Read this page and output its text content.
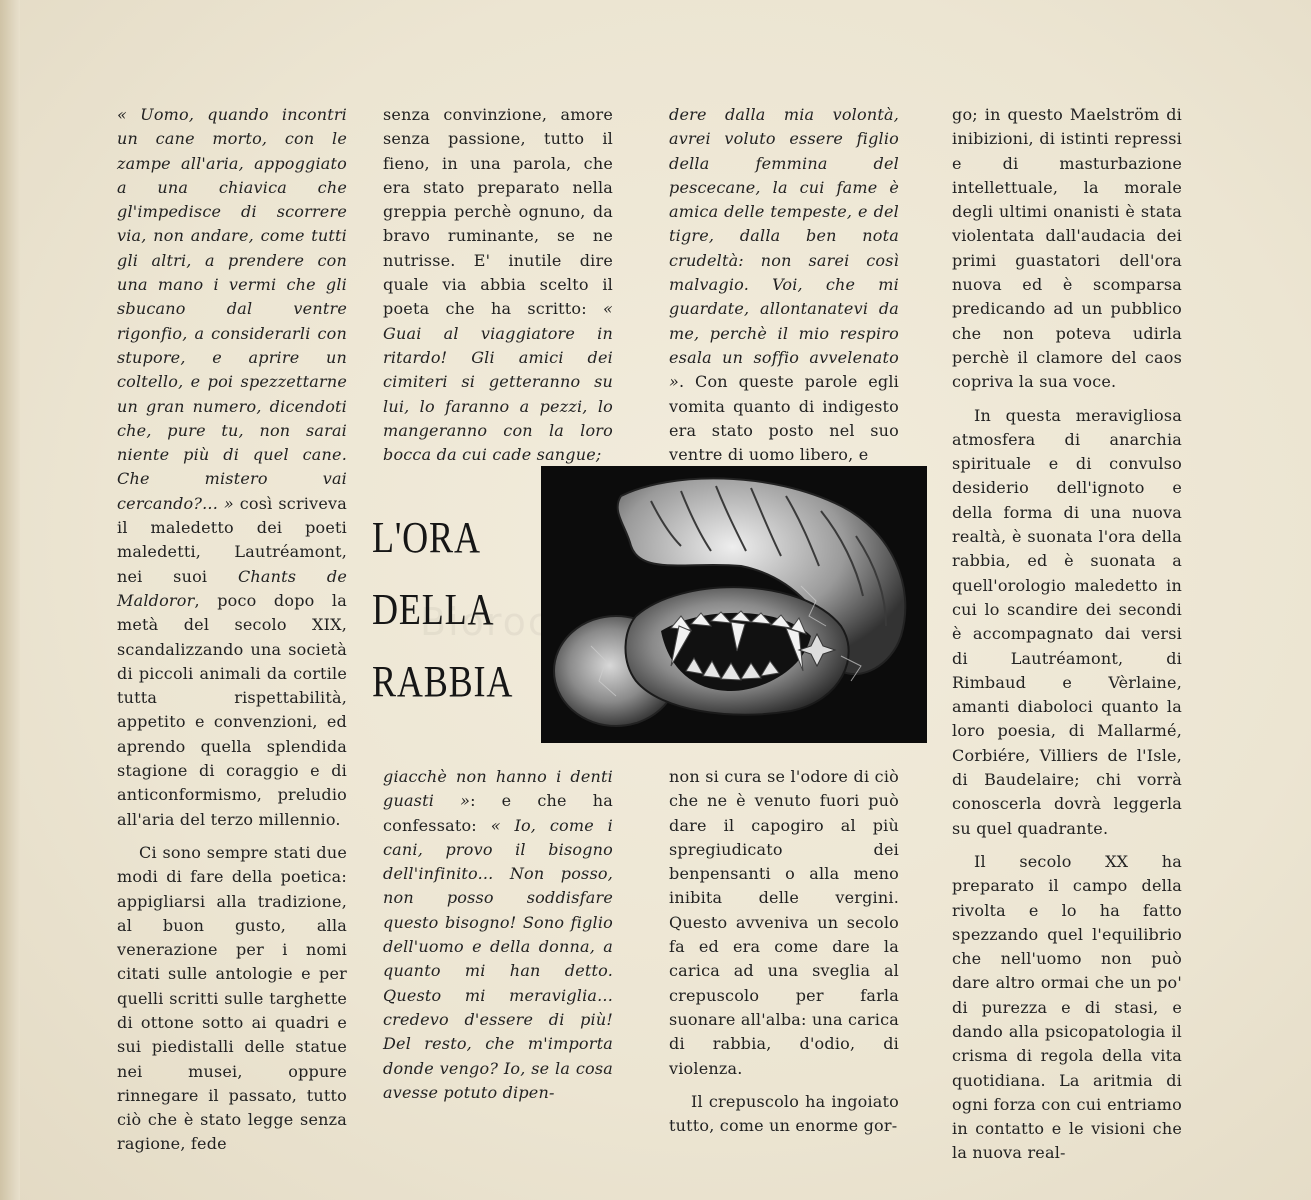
« Uomo, quando incontri un cane morto, con le zampe all'aria, appoggiato a una chiavica che gl'impedisce di scorrere via, non andare, come tutti gli altri, a prendere con una mano i vermi che gli sbucano dal ventre rigonfio, a considerarli con stupore, e aprire un coltello, e poi spezzettarne un gran numero, dicendoti che, pure tu, non sarai niente più di quel cane. Che mistero vai cercando?... » così scriveva il maledetto dei poeti maledetti, Lautréamont, nei suoi Chants de Maldoror, poco dopo la metà del secolo XIX, scandalizzando una società di piccoli animali da cortile tutta rispettabilità, appetito e convenzioni, ed aprendo quella splendida stagione di coraggio e di anticonformismo, preludio all'aria del terzo millennio.

Ci sono sempre stati due modi di fare della poetica: appigliarsi alla tradizione, al buon gusto, alla venerazione per i nomi citati sulle antologie e per quelli scritti sulle targhette di ottone sotto ai quadri e sui piedistalli delle statue nei musei, oppure rinnegare il passato, tutto ciò che è stato legge senza ragione, fede

senza convinzione, amore senza passione, tutto il fieno, in una parola, che era stato preparato nella greppia perchè ognuno, da bravo ruminante, se ne nutrisse. E' inutile dire quale via abbia scelto il poeta che ha scritto: « Guai al viaggiatore in ritardo! Gli amici dei cimiteri si getteranno su lui, lo faranno a pezzi, lo mangeranno con la loro bocca da cui cade sangue;

dere dalla mia volontà, avrei voluto essere figlio della femmina del pescecane, la cui fame è amica delle tempeste, e del tigre, dalla ben nota crudeltà: non sarei così malvagio. Voi, che mi guardate, allontanatevi da me, perchè il mio respiro esala un soffio avvelenato ». Con queste parole egli vomita quanto di indigesto era stato posto nel suo ventre di uomo libero, e

go; in questo Maelström di inibizioni, di istinti repressi e di masturbazione intellettuale, la morale degli ultimi onanisti è stata violentata dall'audacia dei primi guastatori dell'ora nuova ed è scomparsa predicando ad un pubblico che non poteva udirla perchè il clamore del caos copriva la sua voce.

In questa meravigliosa atmosfera di anarchia spirituale e di convulso desiderio dell'ignoto e della forma di una nuova realtà, è suonata l'ora della rabbia, ed è suonata a quell'orologio maledetto in cui lo scandire dei secondi è accompagnato dai versi di Lautréamont, di Rimbaud e Vèrlaine, amanti diaboloci quanto la loro poesia, di Mallarmé, Corbiére, Villiers de l'Isle, di Baudelaire; chi vorrà conoscerla dovrà leggerla su quel quadrante.

Il secolo XX ha preparato il campo della rivolta e lo ha fatto spezzando quel l'equilibrio che nell'uomo non può dare altro ormai che un po' di purezza e di stasi, e dando alla psicopatologia il crisma di regola della vita quotidiana. La aritmia di ogni forza con cui entriamo in contatto e le visioni che la nuova real-

L'ORA
DELLA
RABBIA

giacchè non hanno i denti guasti »: e che ha confessato: « Io, come i cani, provo il bisogno dell'infinito... Non posso, non posso soddisfare questo bisogno! Sono figlio dell'uomo e della donna, a quanto mi han detto. Questo mi meraviglia... credevo d'essere di più! Del resto, che m'importa donde vengo? Io, se la cosa avesse potuto dipen-

non si cura se l'odore di ciò che ne è venuto fuori può dare il capogiro al più spregiudicato dei benpensanti o alla meno inibita delle vergini. Questo avveniva un secolo fa ed era come dare la carica ad una sveglia al crepuscolo per farla suonare all'alba: una carica di rabbia, d'odio, di violenza.

Il crepuscolo ha ingoiato tutto, come un enorme gor-
